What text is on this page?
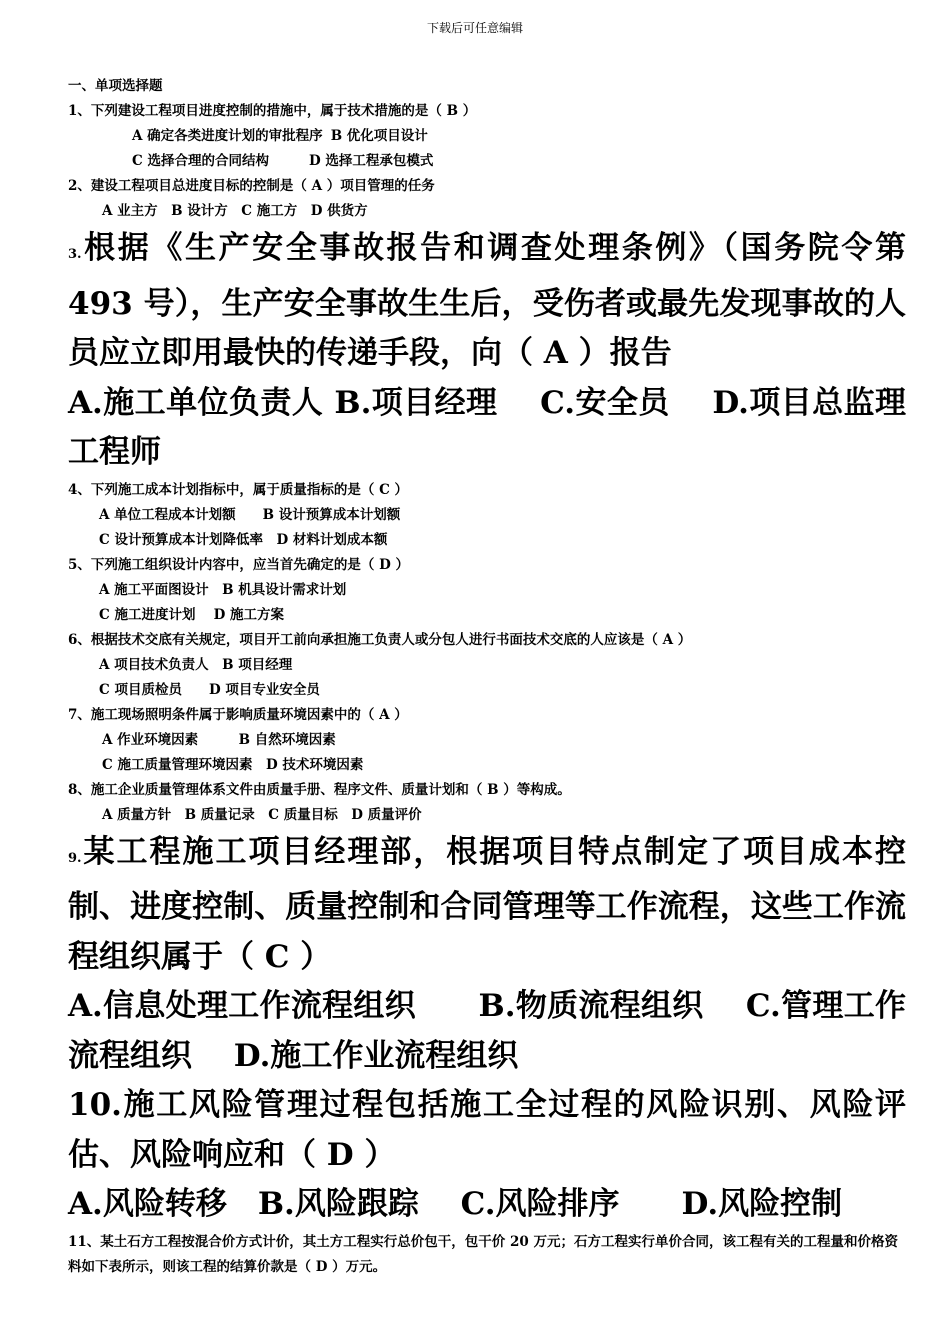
下载后可任意编辑
一、单项选择题
1、下列建设工程项目进度控制的措施中，属于技术措施的是（ B ）
A 确定各类进度计划的审批程序 B 优化项目设计
C 选择合理的合同结构	D 选择工程承包模式
2、建设工程项目总进度目标的控制是（ A ）项目管理的任务
A 业主方　B 设计方　C 施工方　D 供货方
3.根据《生产安全事故报告和调查处理条例》（国务院令第 493 号），生产安全事故生生后，受伤者或最先发现事故的人员应立即用最快的传递手段，向（ A ）报告
A.施工单位负责人 B.项目经理　 C.安全员　 D.项目总监理工程师
4、下列施工成本计划指标中，属于质量指标的是（ C ）
A 单位工程成本计划额　　B 设计预算成本计划额
C 设计预算成本计划降低率　D 材料计划成本额
5、下列施工组织设计内容中，应当首先确定的是（ D ）
A 施工平面图设计　B 机具设计需求计划
C 施工进度计划　 D 施工方案
6、根据技术交底有关规定，项目开工前向承担施工负责人或分包人进行书面技术交底的人应该是（ A ）
A 项目技术负责人　B 项目经理
C 项目质检员　　D 项目专业安全员
7、施工现场照明条件属于影响质量环境因素中的（ A ）
A 作业环境因素　　　B 自然环境因素
C 施工质量管理环境因素　D 技术环境因素
8、施工企业质量管理体系文件由质量手册、程序文件、质量计划和（ B ）等构成。
A 质量方针　B 质量记录　C 质量目标　D 质量评价
9.某工程施工项目经理部，根据项目特点制定了项目成本控制、进度控制、质量控制和合同管理等工作流程，这些工作流程组织属于（ C ）
A.信息处理工作流程组织　　B.物质流程组织　 C.管理工作流程组织　 D.施工作业流程组织
10.施工风险管理过程包括施工全过程的风险识别、风险评估、风险响应和（ D ）
A.风险转移　B.风险跟踪　 C.风险排序　　D.风险控制
11、某土石方工程按混合价方式计价，其土方工程实行总价包干，包干价 20 万元；石方工程实行单价合同，该工程有关的工程量和价格资料如下表所示，则该工程的结算价款是（ D ）万元。
